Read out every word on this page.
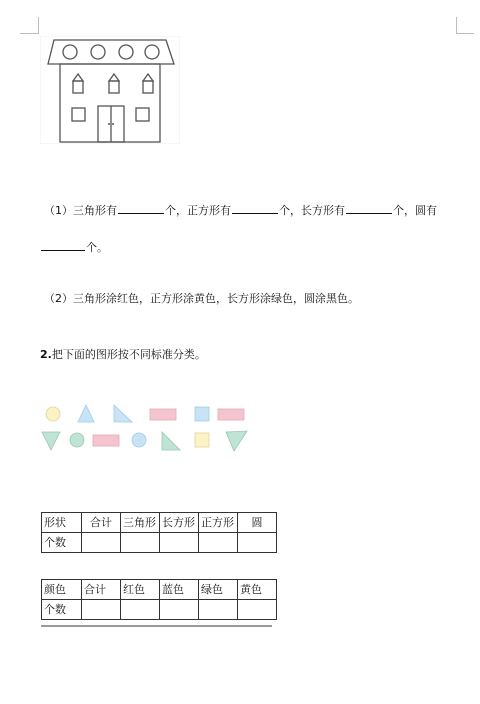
（1）三角形有	个，正方形有	个，长方形有	个，圆有
个。
（2）三角形涂红色，正方形涂黄色，长方形涂绿色，圆涂黑色。
2.把下面的图形按不同标准分类。
形状	合计	三角形	长方形	正方形	圆
个数					
颜色	合计	红色	蓝色	绿色	黄色
个数					
